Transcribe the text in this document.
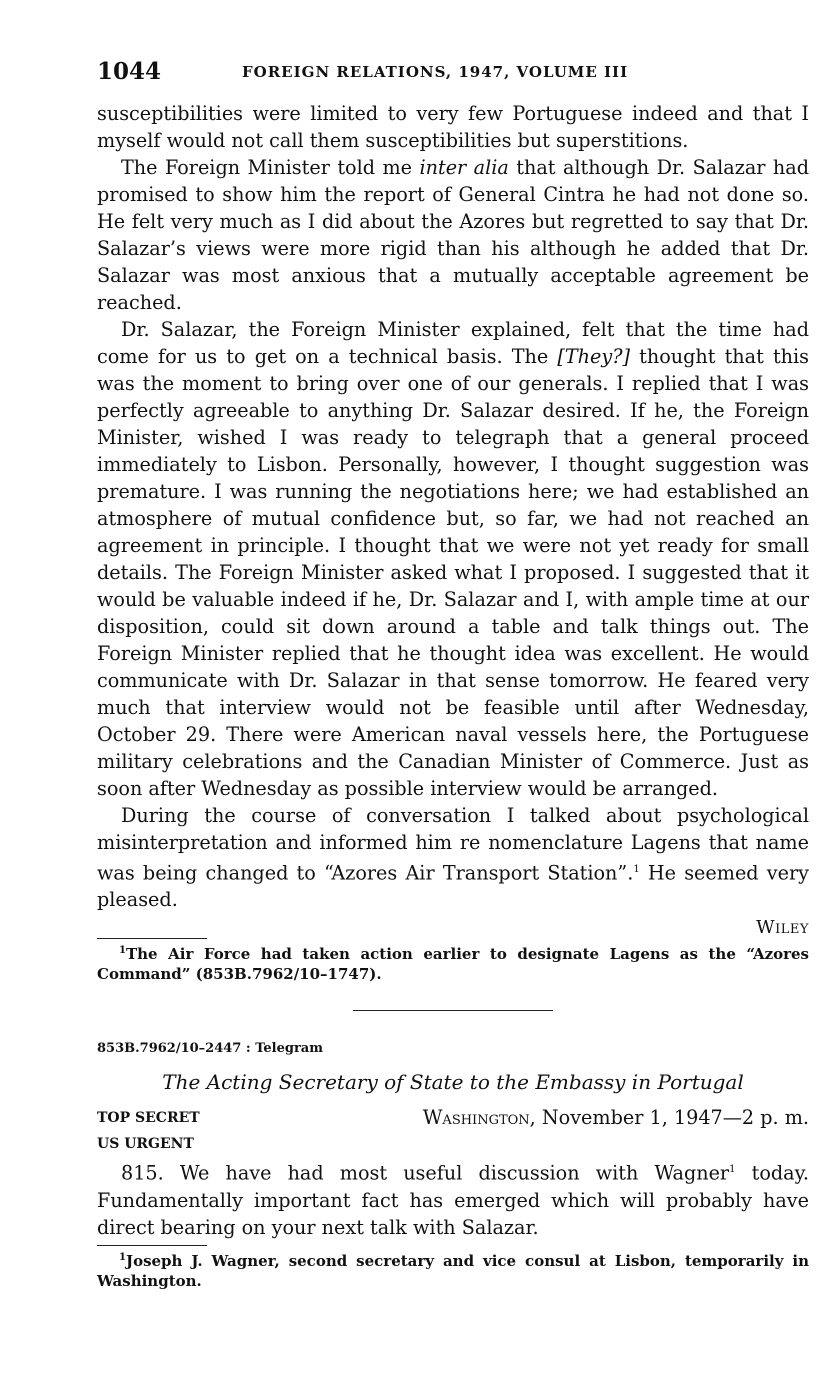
1044	FOREIGN RELATIONS, 1947, VOLUME III

susceptibilities were limited to very few Portuguese indeed and that I myself would not call them susceptibilities but superstitions.

The Foreign Minister told me inter alia that although Dr. Salazar had promised to show him the report of General Cintra he had not done so. He felt very much as I did about the Azores but regretted to say that Dr. Salazar’s views were more rigid than his although he added that Dr. Salazar was most anxious that a mutually acceptable agreement be reached.

Dr. Salazar, the Foreign Minister explained, felt that the time had come for us to get on a technical basis. The [They?] thought that this was the moment to bring over one of our generals. I replied that I was perfectly agreeable to anything Dr. Salazar desired. If he, the Foreign Minister, wished I was ready to telegraph that a general proceed immediately to Lisbon. Personally, however, I thought suggestion was premature. I was running the negotiations here; we had established an atmosphere of mutual confidence but, so far, we had not reached an agreement in principle. I thought that we were not yet ready for small details. The Foreign Minister asked what I proposed. I suggested that it would be valuable indeed if he, Dr. Salazar and I, with ample time at our disposition, could sit down around a table and talk things out. The Foreign Minister replied that he thought idea was excellent. He would communicate with Dr. Salazar in that sense tomorrow. He feared very much that interview would not be feasible until after Wednesday, October 29. There were American naval vessels here, the Portuguese military celebrations and the Canadian Minister of Commerce. Just as soon after Wednesday as possible interview would be arranged.

During the course of conversation I talked about psychological misinterpretation and informed him re nomenclature Lagens that name was being changed to “Azores Air Transport Station”.$^1$ He seemed very pleased.

Wiley

$^1$The Air Force had taken action earlier to designate Lagens as the “Azores Command” (853B.7962/10–1747).

853B.7962/10–2447 : Telegram
The Acting Secretary of State to the Embassy in Portugal
TOP SECRET	Washington, November 1, 1947—2 p. m.
US URGENT

815. We have had most useful discussion with Wagner$^1$ today. Fundamentally important fact has emerged which will probably have direct bearing on your next talk with Salazar.

$^1$Joseph J. Wagner, second secretary and vice consul at Lisbon, temporarily in Washington.
